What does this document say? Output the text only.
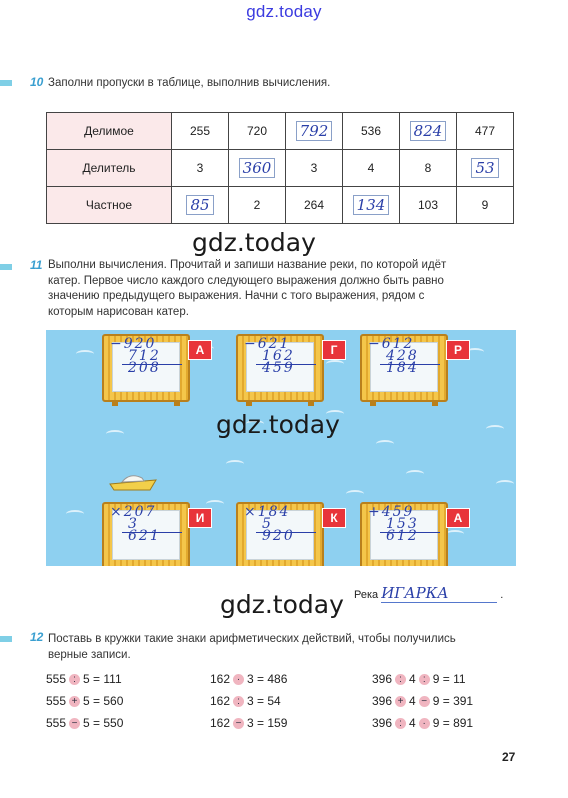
gdz.today
10 Заполни пропуски в таблице, выполнив вычисления.
Делимое	255	720	792	536	824	477
Делитель	3	360	3	4	8	53
Частное	85	2	264	134	103	9
gdz.today
11 Выполни вычисления. Прочитай и запиши название реки, по которой идёт
катер. Первое число каждого следующего выражения должно быть равно
значению предыдущего выражения. Начни с того выражения, рядом с
которым нарисован катер.
−920
712
208
А	−621
162
459
Г	−612
428
184
Р
×207
3
621
И	×184
5
920
К	+459
153
612
А
gdz.today
gdz.today Река ИГАРКА	.
12 Поставь в кружки такие знаки арифметических действий, чтобы получились
верные записи.
555 : 5 = 111
555 + 5 = 560
555 − 5 = 550
162 · 3 = 486
162 : 3 = 54
162 − 3 = 159
396 : 4 : 9 = 11
396 + 4 − 9 = 391
396 : 4 · 9 = 891
27
